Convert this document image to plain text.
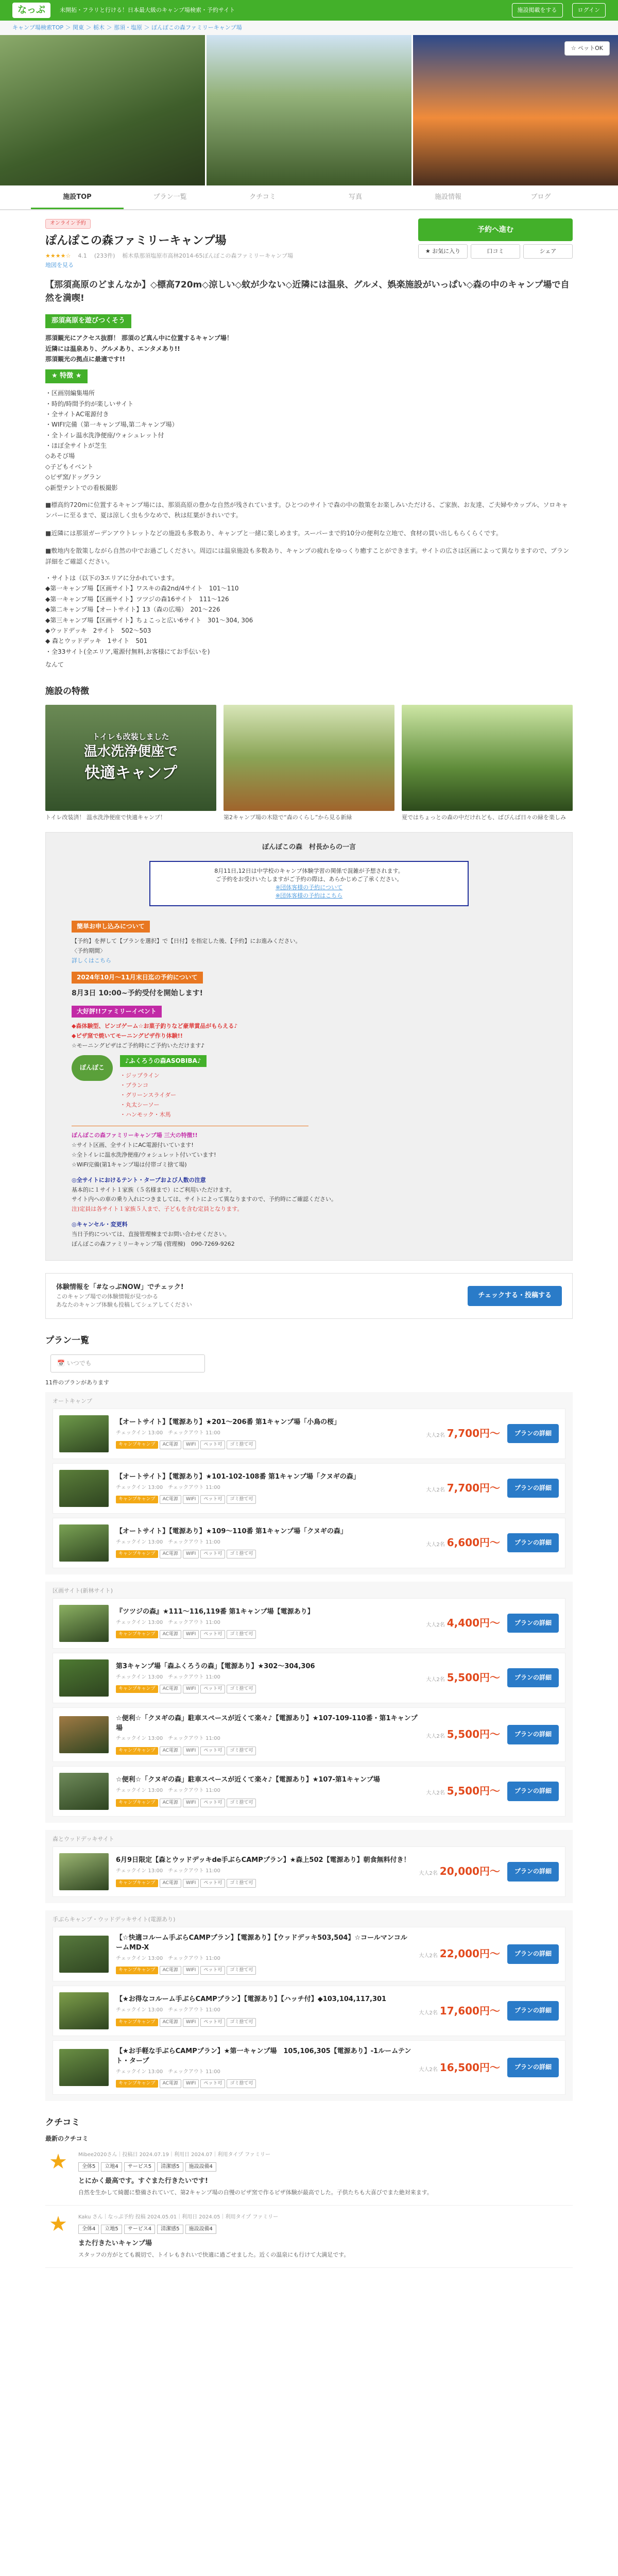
なっぷ	未開拓・フラリと行ける！日本最大級のキャンプ場検索・予約サイト	施設掲載をする	ログイン
キャンプ場検索TOP ＞ 関東 ＞ 栃木 ＞ 那須・塩原 ＞ ぽんぽこの森ファミリーキャンプ場
☆ ペットOK
施設TOP	プラン一覧	クチコミ	写真	施設情報	ブログ
オンライン予約
ぽんぽこの森ファミリーキャンプ場
★★★★☆ 4.1 (233件) 栃木県那須塩原市高林2014-65ぽんぽこの森ファミリーキャンプ場
地図を見る
予約へ進む
★ お気に入り	口コミ	シェア
【那須高原のどまんなか】◇標高720m◇涼しい◇蚊が少ない◇近隣には温泉、グルメ、娯楽施設がいっぱい◇森の中のキャンプ場で自然を満喫!
那須高原を遊びつくそう

那須観光にアクセス抜群！ 那須のど真ん中に位置するキャンプ場！

近隣には温泉あり、グルメあり、エンタメあり!!

那須観光の拠点に最適です!!

★ 特徴 ★

・区画別編集場所

・時的/時間予約が楽しいサイト

・全サイトAC電源付き

・WIFI完備（第一キャンプ場,第二キャンプ場）

・全トイレ温水洗浄便座/ウォシュレット付

・ほぼ全サイトが芝生

◇あそび場

◇子どもイベント

◇ピザ窯/ドッグラン

◇新型テントでの看板撮影

■標高約720mに位置するキャンプ場には、那須高原の豊かな自然が残されています。ひとつのサイトで森の中の散策をお楽しみいただける、ご家族、お友達、ご夫婦やカップル、ソロキャンパーに至るまで、夏は涼しく虫も少なめで、秋は紅葉がきれいです。

■近隣には那須ガーデンアウトレットなどの施設も多数あり、キャンプと一緒に楽しめます。スーパーまで約10分の便利な立地で、食材の買い出しもらくらくです。

■敷地内を散策しながら自然の中でお過ごしください。周辺には温泉施設も多数あり、キャンプの疲れをゆっくり癒すことができます。サイトの広さは区画によって異なりますので、プラン詳細をご確認ください。

・サイトは（以下の3エリアに分かれています。

◆第一キャンプ場【区画サイト】ワスキの森2nd/4サイト　101〜110

◆第一キャンプ場【区画サイト】ツツジの森16サイト　111〜126

◆第二キャンプ場【オートサイト】13（森の広場）　201〜226

◆第三キャンプ場【区画サイト】ちょこっと広い6サイト　301〜304, 306

◆ウッドデッキ　2サイト　502〜503

◆ 森とウッドデッキ　1サイト　501

・全33サイト(全エリア,電源付無料,お客様にてお手伝いを)

なんて

施設の特徴
トイレも改装しました
温水洗浄便座で
快適キャンプ
トイレ改装済！ 温水洗浄便座で快適キャンプ！	第2キャンプ場の木陰で“森のくらし”から見る新緑	夏ではちょっとの森の中だけれども、ぱぴんぱ日々の緑を楽しみ
ぽんぽこの森　村長からの一言

8月11日,12日は中学校のキャンプ体験学習の関係で混雑が予想されます。

ご予約をお受けいたしますがご予約の際は、あらかじめご了承ください。

※団体客様の予約について

※団体客様の予約はこちら

簡単お申し込みについて

【予約】を押して【プランを選択】で【日付】を指定した後、【予約】にお進みください。

〈予約期間〉

詳しくはこちら

2024年10月〜11月末日迄の予約について

8月3日 10:00~予約受付を開始します!

大好評!!ファミリーイベント

◆森体験型、ビンゴゲーム☆お菓子釣りなど豪華賞品がもらえる♪

◆ピザ窯で焼いてモーニングピザ作り体験!!

☆モーニングピザはご予約時にご予約いただけます♪

ぽんぽこ
♪ふくろうの森ASOBIBA♪

・ジップライン

・ブランコ

・グリーンスライダー

・丸太シーソー

・ハンモック・木馬

ぽんぽこの森ファミリーキャンプ場 三大の特徴!!

☆サイト区画、全サイトにAC電源付いています!

☆全トイレに温水洗浄便座/ウォシュレット付いています!

☆WiFi完備(第1キャンプ場は付帯ゴミ捨て場)

◎全サイトにおけるテント・タープおよび人数の注意

基本的に１サイト１家族（５名様まで）にご利用いただけます。

サイト内への車の乗り入れにつきましては、サイトによって異なりますので、予約時にご確認ください。

注)定員は各サイト１家族５人まで、子どもを含む定員となります。

◎キャンセル・変更料

当日予約については、直接管理棟までお問い合わせください。

ぽんぽこの森ファミリーキャンプ場 (管理棟)　090-7269-9262

体験情報を「#なっぷNOW」でチェック!

このキャンプ場での体験情報が見つかる

あなたのキャンプ体験も投稿してシェアしてください

チェックする・投稿する
プラン一覧
📅 いつでも
11件のプランがあります
オートキャンプ
【オートサイト】【電源あり】★201〜206番 第1キャンプ場「小鳥の桜」
チェックイン 13:00　チェックアウト 11:00
キャンプキャンプ AC電源 WIFI ペット可 ゴミ捨て可
大人2名 7,700円〜	プランの詳細
【オートサイト】【電源あり】★101-102-108番 第1キャンプ場「クヌギの森」
チェックイン 13:00　チェックアウト 11:00
キャンプキャンプ AC電源 WIFI ペット可 ゴミ捨て可
大人2名 7,700円〜	プランの詳細
【オートサイト】【電源あり】★109〜110番 第1キャンプ場「クヌギの森」
チェックイン 13:00　チェックアウト 11:00
キャンプキャンプ AC電源 WIFI ペット可 ゴミ捨て可
大人2名 6,600円〜	プランの詳細
区画サイト(新林サイト)
『ツツジの森』★111〜116,119番 第1キャンプ場【電源あり】
チェックイン 13:00　チェックアウト 11:00
キャンプキャンプ AC電源 WIFI ペット可 ゴミ捨て可
大人2名 4,400円〜	プランの詳細
第3キャンプ場「森ふくろうの森」【電源あり】★302〜304,306
チェックイン 13:00　チェックアウト 11:00
キャンプキャンプ AC電源 WIFI ペット可 ゴミ捨て可
大人2名 5,500円〜	プランの詳細
☆便利☆「クヌギの森」駐車スペースが近くて楽々♪【電源あり】★107-109-110番・第1キャンプ場
チェックイン 13:00　チェックアウト 11:00
キャンプキャンプ AC電源 WIFI ペット可 ゴミ捨て可
大人2名 5,500円〜	プランの詳細
☆便利☆「クヌギの森」駐車スペースが近くて楽々♪【電源あり】★107-第1キャンプ場
チェックイン 13:00　チェックアウト 11:00
キャンプキャンプ AC電源 WIFI ペット可 ゴミ捨て可
大人2名 5,500円〜	プランの詳細
森とウッドデッキサイト
6月9日限定【森とウッドデッキde手ぶらCAMPプラン】★森上502【電源あり】朝食無料付き！
チェックイン 13:00　チェックアウト 11:00
キャンプキャンプ AC電源 WIFI ペット可 ゴミ捨て可
大人2名 20,000円〜	プランの詳細
手ぶらキャンプ・ウッドデッキサイト(電源あり)
【☆快適コルーム手ぶらCAMPプラン】【電源あり】【ウッドデッキ503,504】☆コールマンコルームMD-X
チェックイン 13:00　チェックアウト 11:00
キャンプキャンプ AC電源 WIFI ペット可 ゴミ捨て可
大人2名 22,000円〜	プランの詳細
【★お得なコルーム手ぶらCAMPプラン】【電源あり】【ハッチ付】◆103,104,117,301
チェックイン 13:00　チェックアウト 11:00
キャンプキャンプ AC電源 WIFI ペット可 ゴミ捨て可
大人2名 17,600円〜	プランの詳細
【★お手軽な手ぶらCAMPプラン】★第一キャンプ場　105,106,305【電源あり】-1ルームテント・タープ
チェックイン 13:00　チェックアウト 11:00
キャンプキャンプ AC電源 WIFI ペット可 ゴミ捨て可
大人2名 16,500円〜	プランの詳細
クチコミ
最新のクチコミ
★	Mibee2020さん｜投稿日 2024.07.19｜利用日 2024.07｜利用タイプ ファミリー
全体5 立地4 サービス5 清潔感5 施設設備4
とにかく最高です。すぐまた行きたいです!
自然を生かして綺麗に整備されていて、第2キャンプ場の自慢のピザ窯で作るピザ体験が最高でした。子供たちも大喜びでまた絶対来ます。
★	Kaku さん｜なっぷ予約 投稿 2024.05.01｜利用日 2024.05｜利用タイプ ファミリー
全体4 立地5 サービス4 清潔感5 施設設備4
また行きたいキャンプ場
スタッフの方がとても親切で、トイレもきれいで快適に過ごせました。近くの温泉にも行けて大満足です。
